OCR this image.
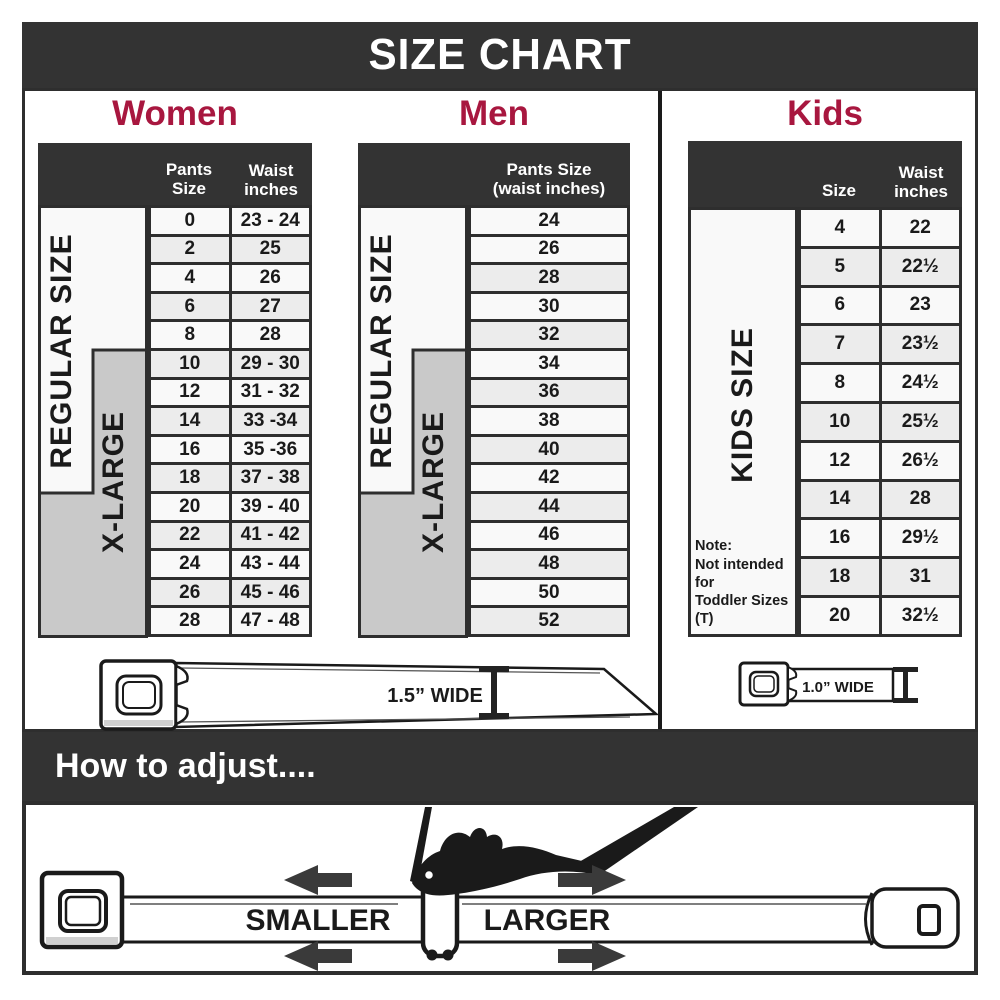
SIZE CHART
Women	Men	Kids
Pants Size
Waist
inches
REGULAR SIZE
X-LARGE
0	23 - 24
2	25
4	26
6	27
8	28
10	29 - 30
12	31 - 32
14	33 -34
16	35 -36
18	37 - 38
20	39 - 40
22	41 - 42
24	43 - 44
26	45 - 46
28	47 - 48
Pants Size
(waist inches)
REGULAR SIZE
X-LARGE
24
26
28
30
32
34
36
38
40
42
44
46
48
50
52
Size
Waist
inches
KIDS SIZE
Note:
Not intended for
Toddler Sizes (T)
4	22
5	22½
6	23
7	23½
8	24½
10	25½
12	26½
14	28
16	29½
18	31
20	32½
1.5” WIDE	1.0” WIDE
How to adjust....
SMALLER	LARGER
